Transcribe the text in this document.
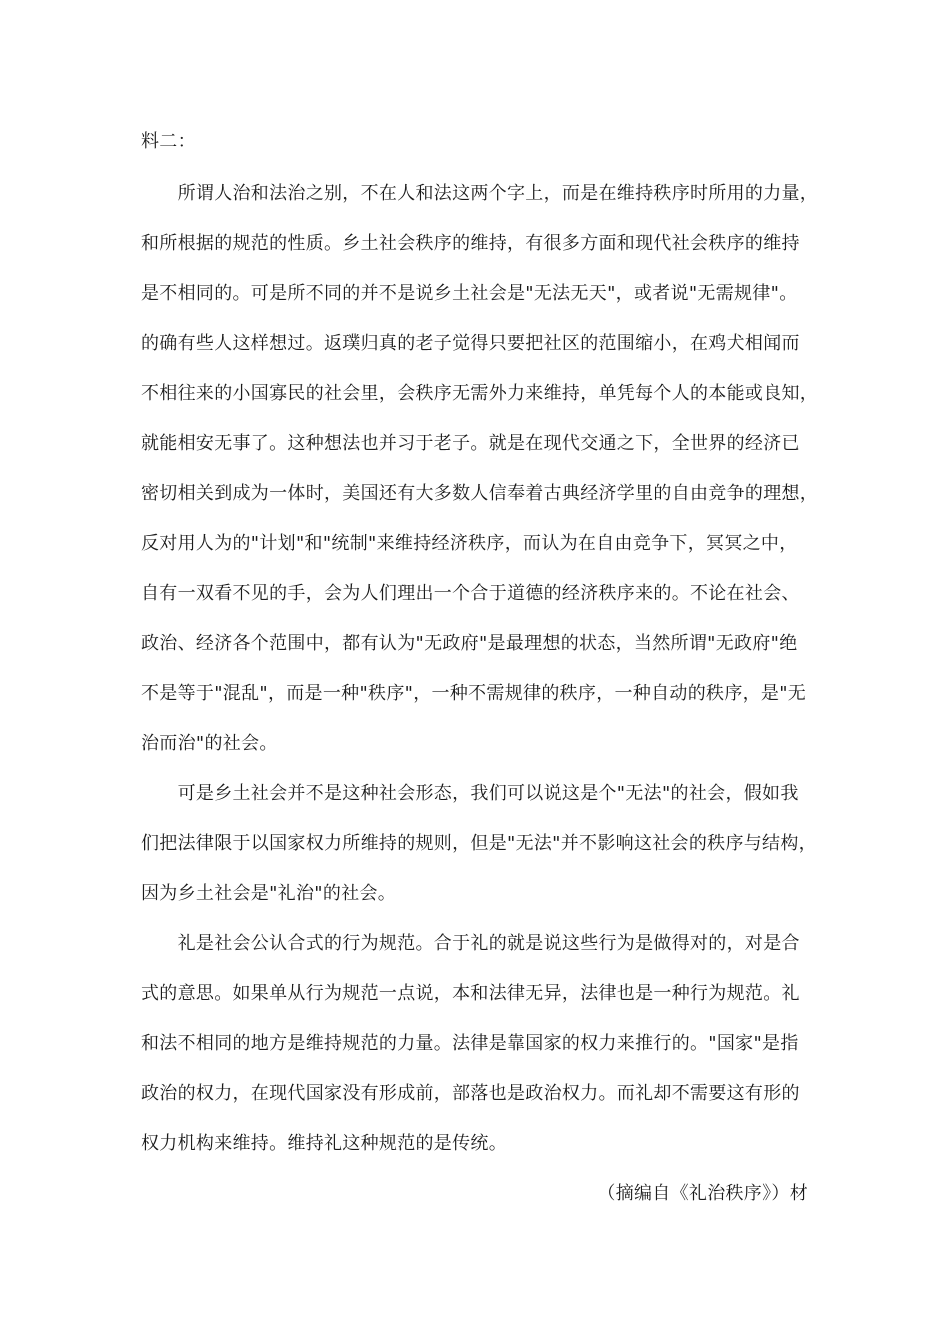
料二：
　　所谓人治和法治之别，不在人和法这两个字上，而是在维持秩序时所用的力量，
和所根据的规范的性质。乡土社会秩序的维持，有很多方面和现代社会秩序的维持
是不相同的。可是所不同的并不是说乡土社会是"无法无天"，或者说"无需规律"。
的确有些人这样想过。返璞归真的老子觉得只要把社区的范围缩小，在鸡犬相闻而
不相往来的小国寡民的社会里，会秩序无需外力来维持，单凭每个人的本能或良知，
就能相安无事了。这种想法也并习于老子。就是在现代交通之下，全世界的经济已
密切相关到成为一体时，美国还有大多数人信奉着古典经济学里的自由竞争的理想，
反对用人为的"计划"和"统制"来维持经济秩序，而认为在自由竞争下，冥冥之中，
自有一双看不见的手，会为人们理出一个合于道德的经济秩序来的。不论在社会、
政治、经济各个范围中，都有认为"无政府"是最理想的状态，当然所谓"无政府"绝
不是等于"混乱"，而是一种"秩序"，一种不需规律的秩序，一种自动的秩序，是"无
治而治"的社会。
　　可是乡土社会并不是这种社会形态，我们可以说这是个"无法"的社会，假如我
们把法律限于以国家权力所维持的规则，但是"无法"并不影响这社会的秩序与结构，
因为乡土社会是"礼治"的社会。
　　礼是社会公认合式的行为规范。合于礼的就是说这些行为是做得对的，对是合
式的意思。如果单从行为规范一点说，本和法律无异，法律也是一种行为规范。礼
和法不相同的地方是维持规范的力量。法律是靠国家的权力来推行的。"国家"是指
政治的权力，在现代国家没有形成前，部落也是政治权力。而礼却不需要这有形的
权力机构来维持。维持礼这种规范的是传统。
（摘编自《礼治秩序》）材
